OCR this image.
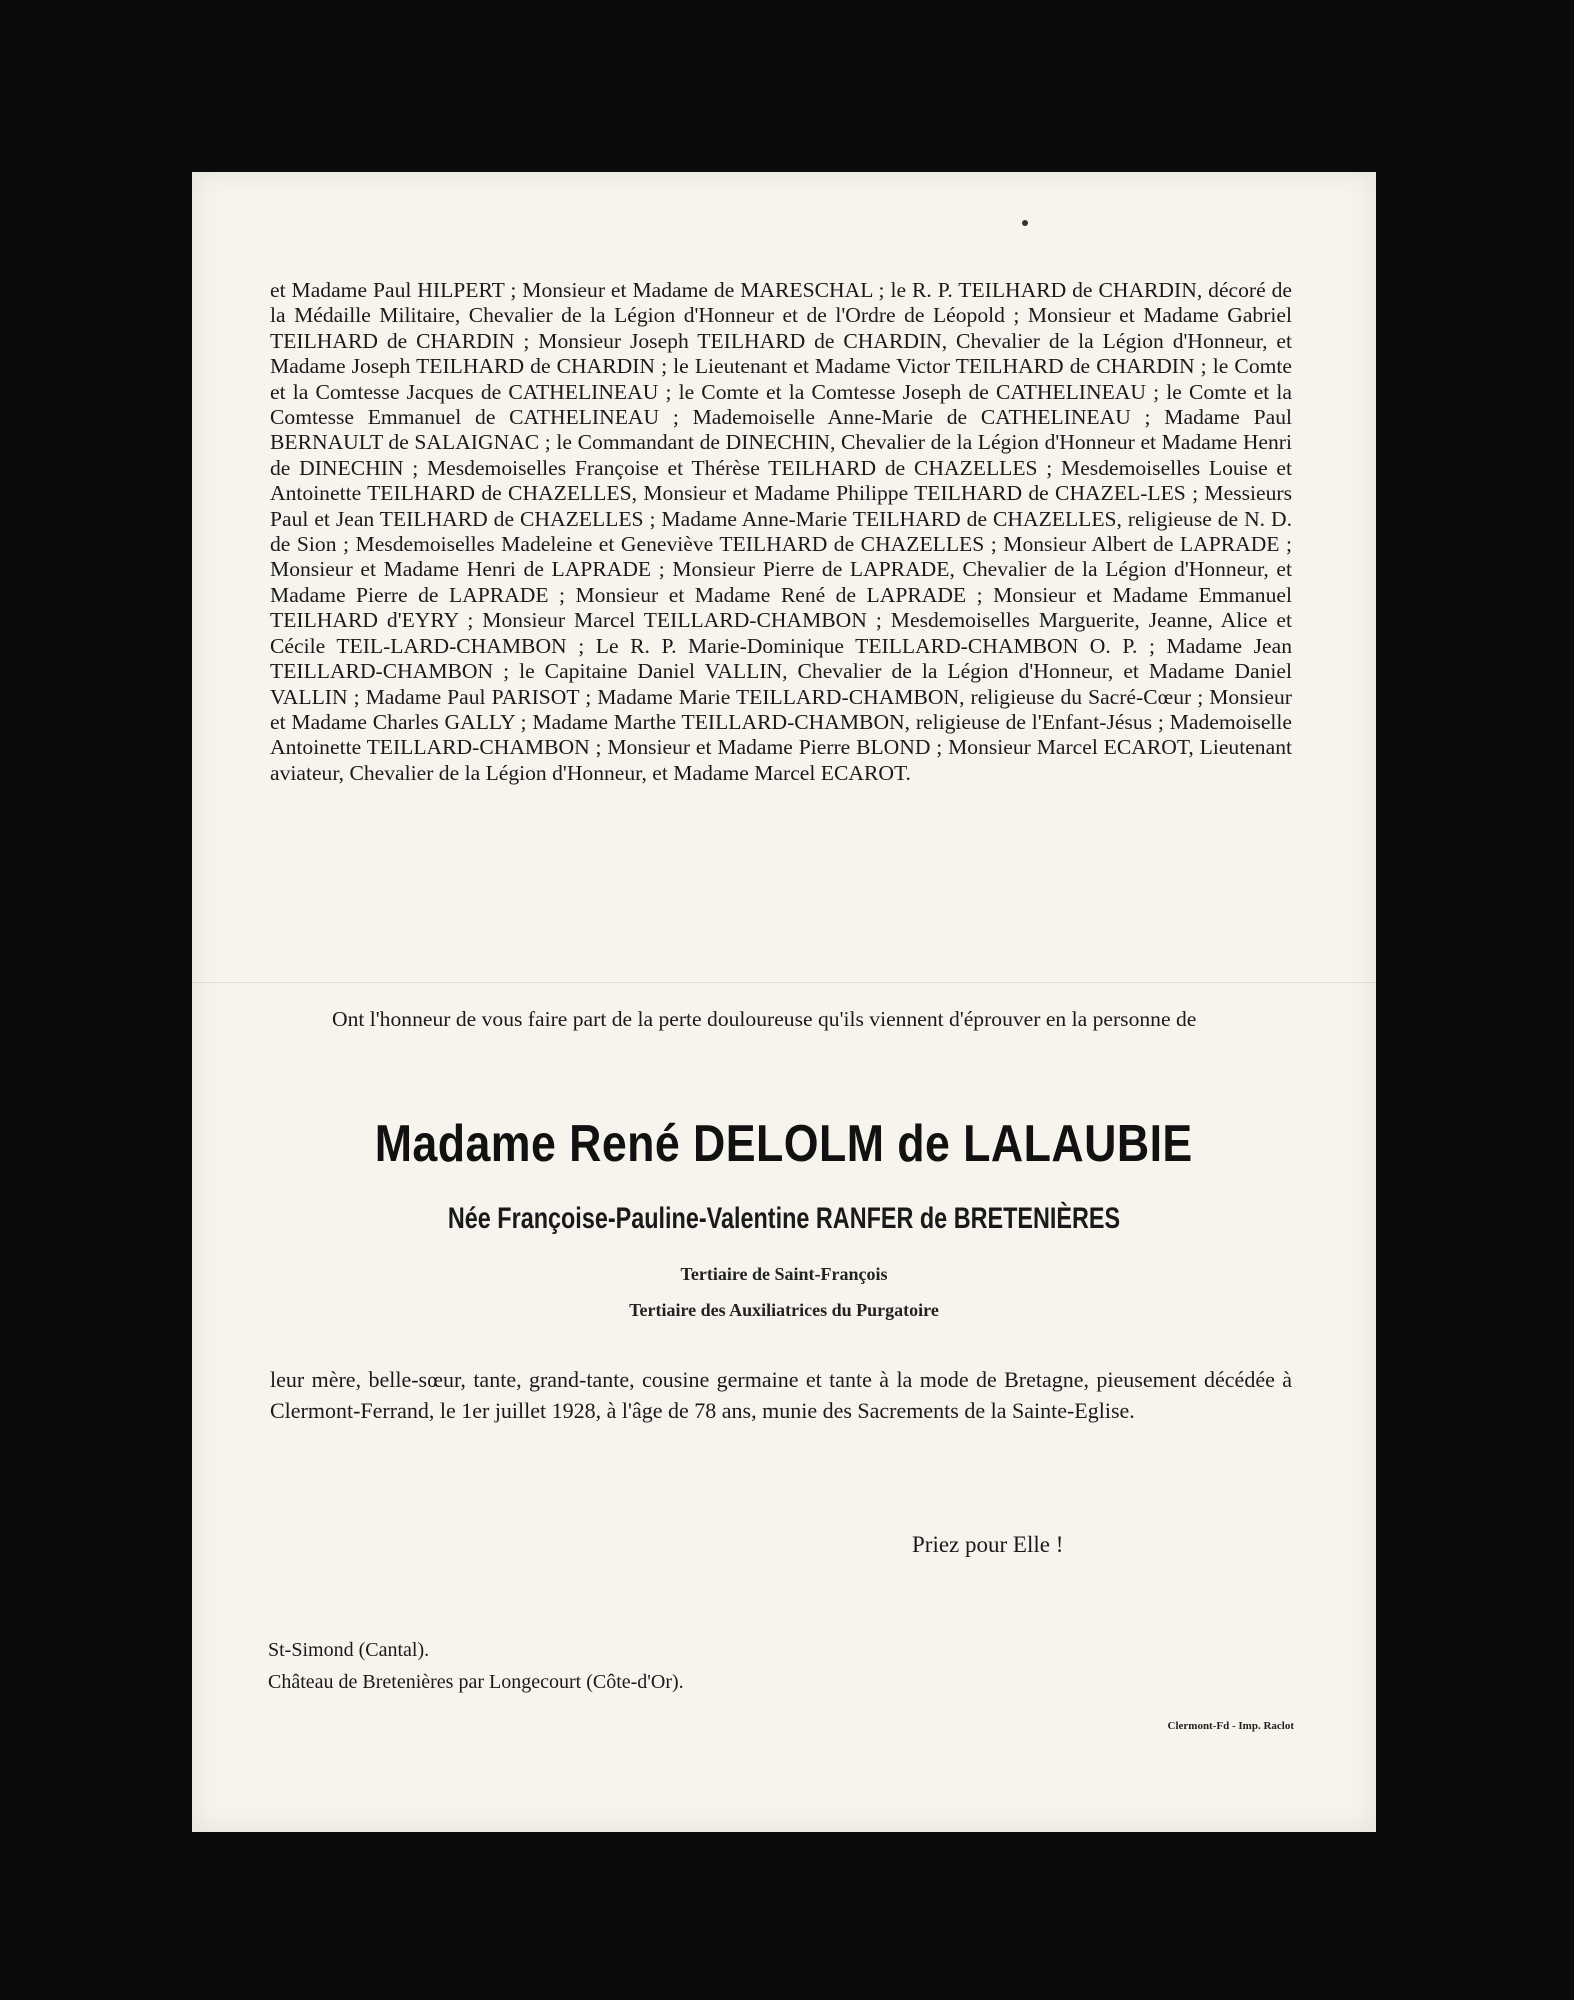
et Madame Paul HILPERT ; Monsieur et Madame de MARESCHAL ; le R. P. TEILHARD de CHARDIN, décoré de la Médaille Militaire, Chevalier de la Légion d'Honneur et de l'Ordre de Léopold ; Monsieur et Madame Gabriel TEILHARD de CHARDIN ; Monsieur Joseph TEILHARD de CHARDIN, Chevalier de la Légion d'Honneur, et Madame Joseph TEILHARD de CHARDIN ; le Lieutenant et Madame Victor TEILHARD de CHARDIN ; le Comte et la Comtesse Jacques de CATHELINEAU ; le Comte et la Comtesse Joseph de CATHELINEAU ; le Comte et la Comtesse Emmanuel de CATHELINEAU ; Mademoiselle Anne-Marie de CATHELINEAU ; Madame Paul BERNAULT de SALAIGNAC ; le Commandant de DINECHIN, Chevalier de la Légion d'Honneur et Madame Henri de DINECHIN ; Mesdemoiselles Françoise et Thérèse TEILHARD de CHAZELLES ; Mesdemoiselles Louise et Antoinette TEILHARD de CHAZELLES, Monsieur et Madame Philippe TEILHARD de CHAZEL-LES ; Messieurs Paul et Jean TEILHARD de CHAZELLES ; Madame Anne-Marie TEILHARD de CHAZELLES, religieuse de N. D. de Sion ; Mesdemoiselles Madeleine et Geneviève TEILHARD de CHAZELLES ; Monsieur Albert de LAPRADE ; Monsieur et Madame Henri de LAPRADE ; Monsieur Pierre de LAPRADE, Chevalier de la Légion d'Honneur, et Madame Pierre de LAPRADE ; Monsieur et Madame René de LAPRADE ; Monsieur et Madame Emmanuel TEILHARD d'EYRY ; Monsieur Marcel TEILLARD-CHAMBON ; Mesdemoiselles Marguerite, Jeanne, Alice et Cécile TEIL-LARD-CHAMBON ; Le R. P. Marie-Dominique TEILLARD-CHAMBON O. P. ; Madame Jean TEILLARD-CHAMBON ; le Capitaine Daniel VALLIN, Chevalier de la Légion d'Honneur, et Madame Daniel VALLIN ; Madame Paul PARISOT ; Madame Marie TEILLARD-CHAMBON, religieuse du Sacré-Cœur ; Monsieur et Madame Charles GALLY ; Madame Marthe TEILLARD-CHAMBON, religieuse de l'Enfant-Jésus ; Mademoiselle Antoinette TEILLARD-CHAMBON ; Monsieur et Madame Pierre BLOND ; Monsieur Marcel ECAROT, Lieutenant aviateur, Chevalier de la Légion d'Honneur, et Madame Marcel ECAROT.

Ont l'honneur de vous faire part de la perte douloureuse qu'ils viennent d'éprouver en la personne de

Madame René DELOLM de LALAUBIE
Née Françoise-Pauline-Valentine RANFER de BRETENIÈRES

Tertiaire de Saint-François

Tertiaire des Auxiliatrices du Purgatoire

leur mère, belle-sœur, tante, grand-tante, cousine germaine et tante à la mode de Bretagne, pieusement décédée à Clermont-Ferrand, le 1er juillet 1928, à l'âge de 78 ans, munie des Sacrements de la Sainte-Eglise.

Priez pour Elle !

St-Simond (Cantal).
Château de Bretenières par Longecourt (Côte-d'Or).

Clermont-Fd - Imp. Raclot
